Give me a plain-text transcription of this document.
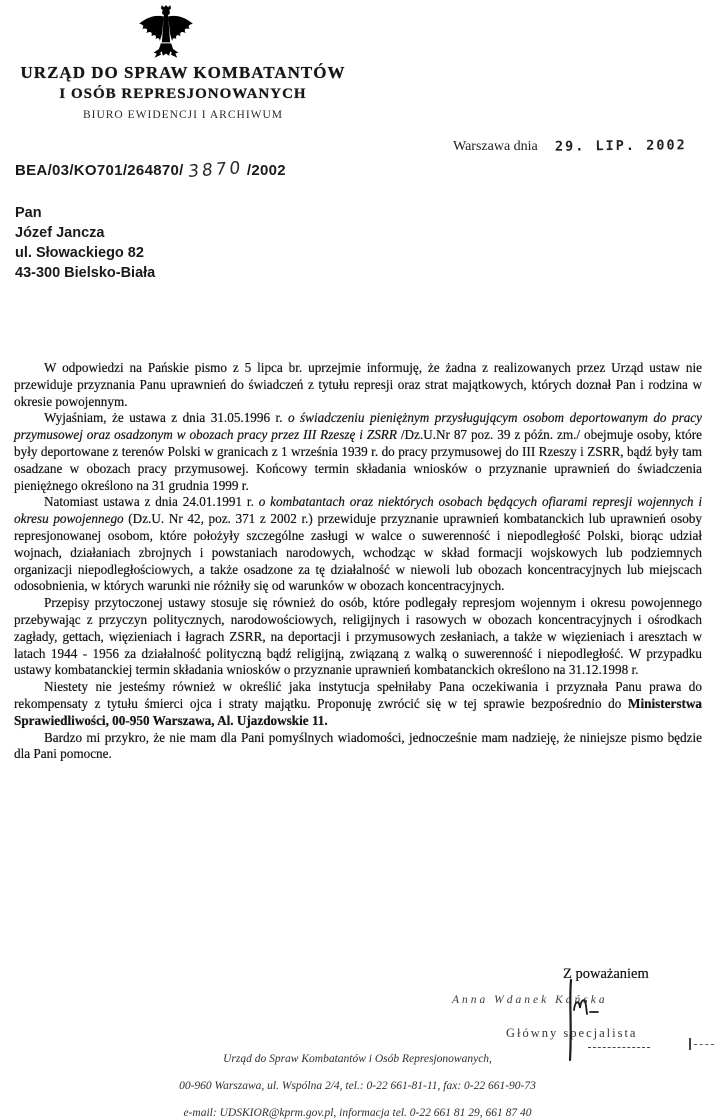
URZĄD DO SPRAW KOMBATANTÓW
I OSÓB REPRESJONOWANYCH
BIURO EWIDENCJI I ARCHIWUM
Warszawa dnia 29. LIP. 2002
BEA/03/KO701/264870/ 3870 /2002
Pan
Józef Jancza
ul. Słowackiego 82
43-300 Bielsko-Biała

W odpowiedzi na Pańskie pismo z 5 lipca br. uprzejmie informuję, że żadna z realizowanych przez Urząd ustaw nie przewiduje przyznania Panu uprawnień do świadczeń z tytułu represji oraz strat majątkowych, których doznał Pan i rodzina w okresie powojennym.

Wyjaśniam, że ustawa z dnia 31.05.1996 r. o świadczeniu pieniężnym przysługującym osobom deportowanym do pracy przymusowej oraz osadzonym w obozach pracy przez III Rzeszę i ZSRR /Dz.U.Nr 87 poz. 39 z późn. zm./ obejmuje osoby, które były deportowane z terenów Polski w granicach z 1 września 1939 r. do pracy przymusowej do III Rzeszy i ZSRR, bądź były tam osadzane w obozach pracy przymusowej. Końcowy termin składania wniosków o przyznanie uprawnień do świadczenia pieniężnego określono na 31 grudnia 1999 r.

Natomiast ustawa z dnia 24.01.1991 r. o kombatantach oraz niektórych osobach będących ofiarami represji wojennych i okresu powojennego (Dz.U. Nr 42, poz. 371 z 2002 r.) przewiduje przyznanie uprawnień kombatanckich lub uprawnień osoby represjonowanej osobom, które położyły szczególne zasługi w walce o suwerenność i niepodległość Polski, biorąc udział wojnach, działaniach zbrojnych i powstaniach narodowych, wchodząc w skład formacji wojskowych lub podziemnych organizacji niepodległościowych, a także osadzone za tę działalność w niewoli lub obozach koncentracyjnych lub miejscach odosobnienia, w których warunki nie różniły się od warunków w obozach koncentracyjnych.

Przepisy przytoczonej ustawy stosuje się również do osób, które podlegały represjom wojennym i okresu powojennego przebywając z przyczyn politycznych, narodowościowych, religijnych i rasowych w obozach koncentracyjnych i ośrodkach zagłady, gettach, więzieniach i łagrach ZSRR, na deportacji i przymusowych zesłaniach, a także w więzieniach i aresztach w latach 1944 - 1956 za działalność polityczną bądź religijną, związaną z walką o suwerenność i niepodległość. W przypadku ustawy kombatanckiej termin składania wniosków o przyznanie uprawnień kombatanckich określono na 31.12.1998 r.

Niestety nie jesteśmy również w określić jaka instytucja spełniłaby Pana oczekiwania i przyznała Panu prawa do rekompensaty z tytułu śmierci ojca i straty majątku. Proponuję zwrócić się w tej sprawie bezpośrednio do Ministerstwa Sprawiedliwości, 00-950 Warszawa, Al. Ujazdowskie 11.

Bardzo mi przykro, że nie mam dla Pani pomyślnych wiadomości, jednocześnie mam nadzieję, że niniejsze pismo będzie dla Pani pomocne.

Z poważaniem
Anna Wdanek Kańska
Główny specjalista
Urząd do Spraw Kombatantów i Osób Represjonowanych,
00-960 Warszawa, ul. Wspólna 2/4, tel.: 0-22 661-81-11, fax: 0-22 661-90-73
e-mail: UDSKIOR@kprm.gov.pl, informacja tel. 0-22 661 81 29, 661 87 40
